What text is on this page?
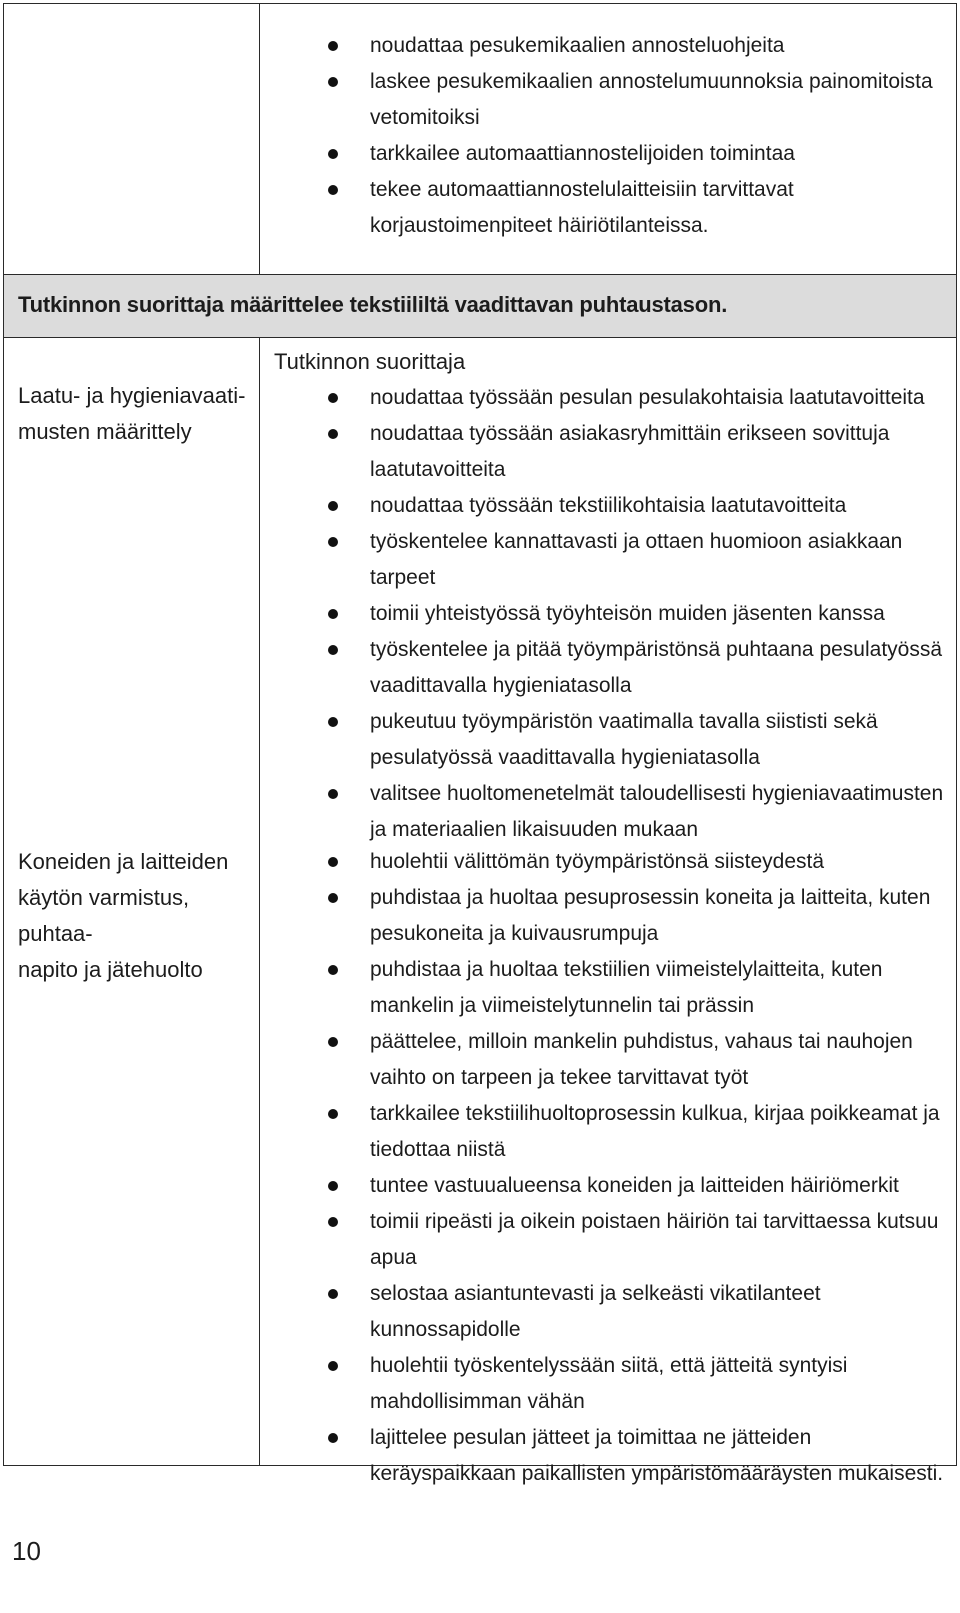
noudattaa pesukemikaalien annosteluohjeita
laskee pesukemikaalien annostelumuunnoksia painomitoista vetomitoiksi
tarkkailee automaattiannostelijoiden toimintaa
tekee automaattiannostelulaitteisiin tarvittavat korjaustoimenpiteet häiriötilanteissa.
Tutkinnon suorittaja määrittelee tekstiililtä vaadittavan puhtaustason.
Laatu- ja hygieniavaati-
musten määrittely

Tutkinnon suorittaja

noudattaa työssään pesulan pesulakohtaisia laatutavoitteita
noudattaa työssään asiakasryhmittäin erikseen sovittuja laatutavoitteita
noudattaa työssään tekstiilikohtaisia laatutavoitteita
työskentelee kannattavasti ja ottaen huomioon asiakkaan tarpeet
toimii yhteistyössä työyhteisön muiden jäsenten kanssa
työskentelee ja pitää työympäristönsä puhtaana pesulatyössä vaadittavalla hygieniatasolla
pukeutuu työympäristön vaatimalla tavalla siististi sekä pesulatyössä vaadittavalla hygieniatasolla
valitsee huoltomenetelmät taloudellisesti hygieniavaatimusten ja materiaalien likaisuuden mukaan
Koneiden ja laitteiden käytön varmistus, puhtaa-
napito ja jätehuolto
huolehtii välittömän työympäristönsä siisteydestä
puhdistaa ja huoltaa pesuprosessin koneita ja laitteita, kuten pesukoneita ja kuivausrumpuja
puhdistaa ja huoltaa tekstiilien viimeistelylaitteita, kuten mankelin ja viimeistelytunnelin tai prässin
päättelee, milloin mankelin puhdistus, vahaus tai nauhojen vaihto on tarpeen ja tekee tarvittavat työt
tarkkailee tekstiilihuoltoprosessin kulkua, kirjaa poikkeamat ja tiedottaa niistä
tuntee vastuualueensa koneiden ja laitteiden häiriömerkit
toimii ripeästi ja oikein poistaen häiriön tai tarvittaessa kutsuu apua
selostaa asiantuntevasti ja selkeästi vikatilanteet kunnossapidolle
huolehtii työskentelyssään siitä, että jätteitä syntyisi mahdollisimman vähän
lajittelee pesulan jätteet ja toimittaa ne jätteiden keräyspaikkaan paikallisten ympäristömääräysten mukaisesti.
10
